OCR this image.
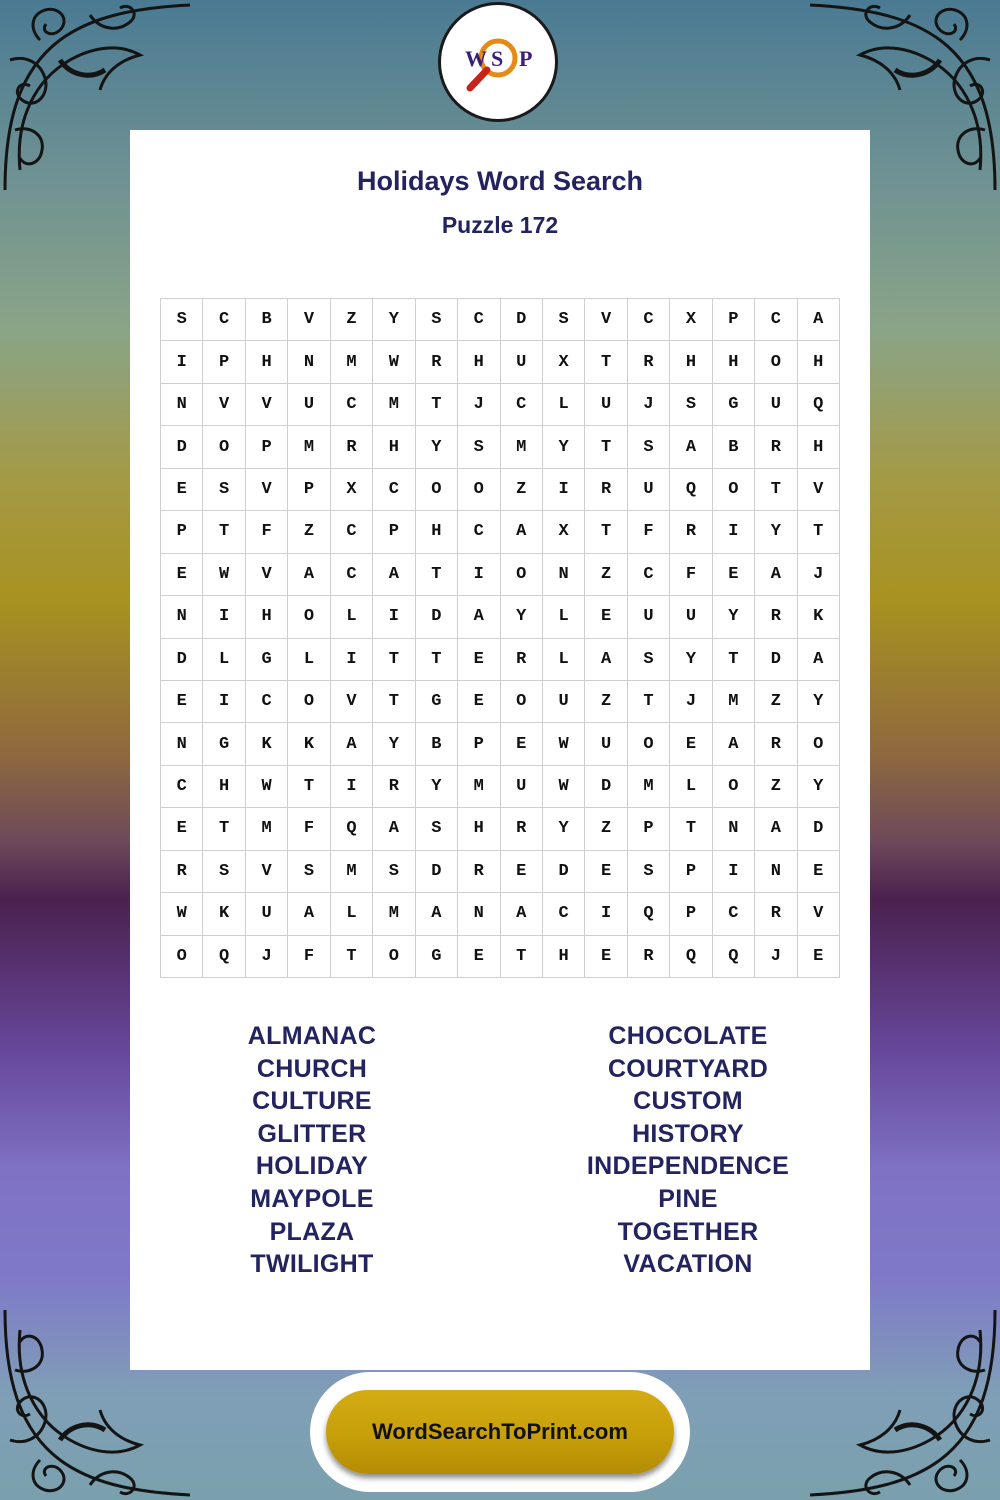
W S P
Holidays Word Search
Puzzle 172
S	C	B	V	Z	Y	S	C	D	S	V	C	X	P	C	A
I	P	H	N	M	W	R	H	U	X	T	R	H	H	O	H
N	V	V	U	C	M	T	J	C	L	U	J	S	G	U	Q
D	O	P	M	R	H	Y	S	M	Y	T	S	A	B	R	H
E	S	V	P	X	C	O	O	Z	I	R	U	Q	O	T	V
P	T	F	Z	C	P	H	C	A	X	T	F	R	I	Y	T
E	W	V	A	C	A	T	I	O	N	Z	C	F	E	A	J
N	I	H	O	L	I	D	A	Y	L	E	U	U	Y	R	K
D	L	G	L	I	T	T	E	R	L	A	S	Y	T	D	A
E	I	C	O	V	T	G	E	O	U	Z	T	J	M	Z	Y
N	G	K	K	A	Y	B	P	E	W	U	O	E	A	R	O
C	H	W	T	I	R	Y	M	U	W	D	M	L	O	Z	Y
E	T	M	F	Q	A	S	H	R	Y	Z	P	T	N	A	D
R	S	V	S	M	S	D	R	E	D	E	S	P	I	N	E
W	K	U	A	L	M	A	N	A	C	I	Q	P	C	R	V
O	Q	J	F	T	O	G	E	T	H	E	R	Q	Q	J	E
ALMANAC
CHURCH
CULTURE
GLITTER
HOLIDAY
MAYPOLE
PLAZA
TWILIGHT
CHOCOLATE
COURTYARD
CUSTOM
HISTORY
INDEPENDENCE
PINE
TOGETHER
VACATION
WordSearchToPrint.com
